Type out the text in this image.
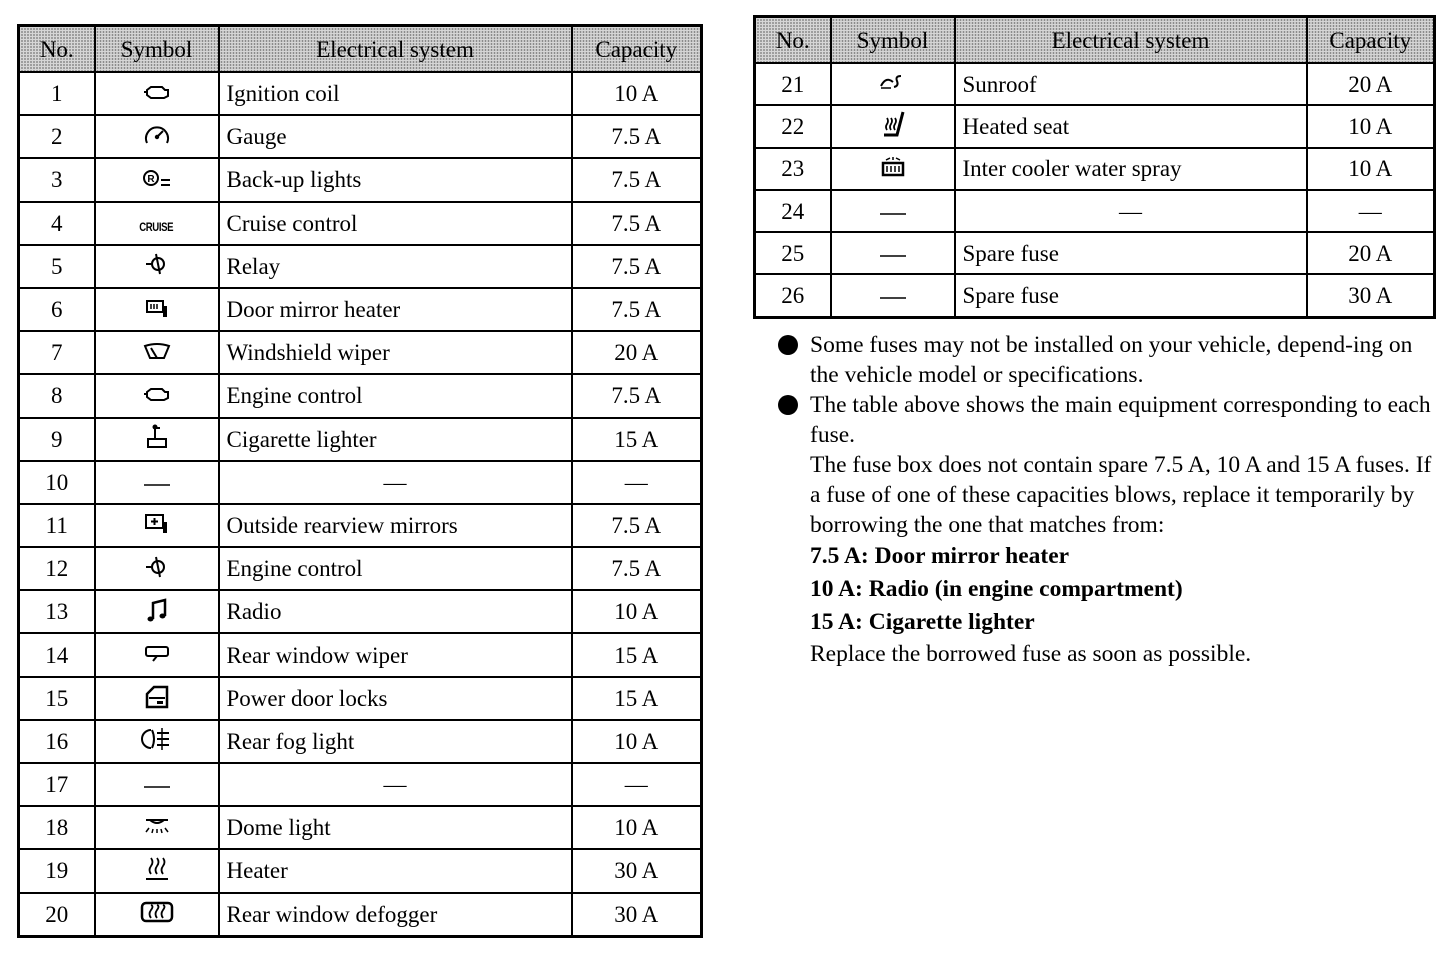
No.	Symbol	Electrical system	Capacity
1		Ignition coil	10 A
2		Gauge	7.5 A
3	R	Back-up lights	7.5 A
4	CRUISE	Cruise control	7.5 A
5		Relay	7.5 A
6		Door mirror heater	7.5 A
7		Windshield wiper	20 A
8		Engine control	7.5 A
9		Cigarette lighter	15 A
10		—	—
11		Outside rearview mirrors	7.5 A
12		Engine control	7.5 A
13		Radio	10 A
14		Rear window wiper	15 A
15		Power door locks	15 A
16		Rear fog light	10 A
17		—	—
18		Dome light	10 A
19		Heater	30 A
20		Rear window defogger	30 A
No.	Symbol	Electrical system	Capacity
21		Sunroof	20 A
22		Heated seat	10 A
23		Inter cooler water spray	10 A
24		—	—
25		Spare fuse	20 A
26		Spare fuse	30 A
Some fuses may not be installed on your vehicle, depend-ing on the vehicle model or specifications.
The table above shows the main equipment corresponding to each fuse.
The fuse box does not contain spare 7.5 A, 10 A and 15 A fuses. If a fuse of one of these capacities blows, replace it temporarily by borrowing the one that matches from:
7.5 A: Door mirror heater
10 A: Radio (in engine compartment)
15 A: Cigarette lighter
Replace the borrowed fuse as soon as possible.
